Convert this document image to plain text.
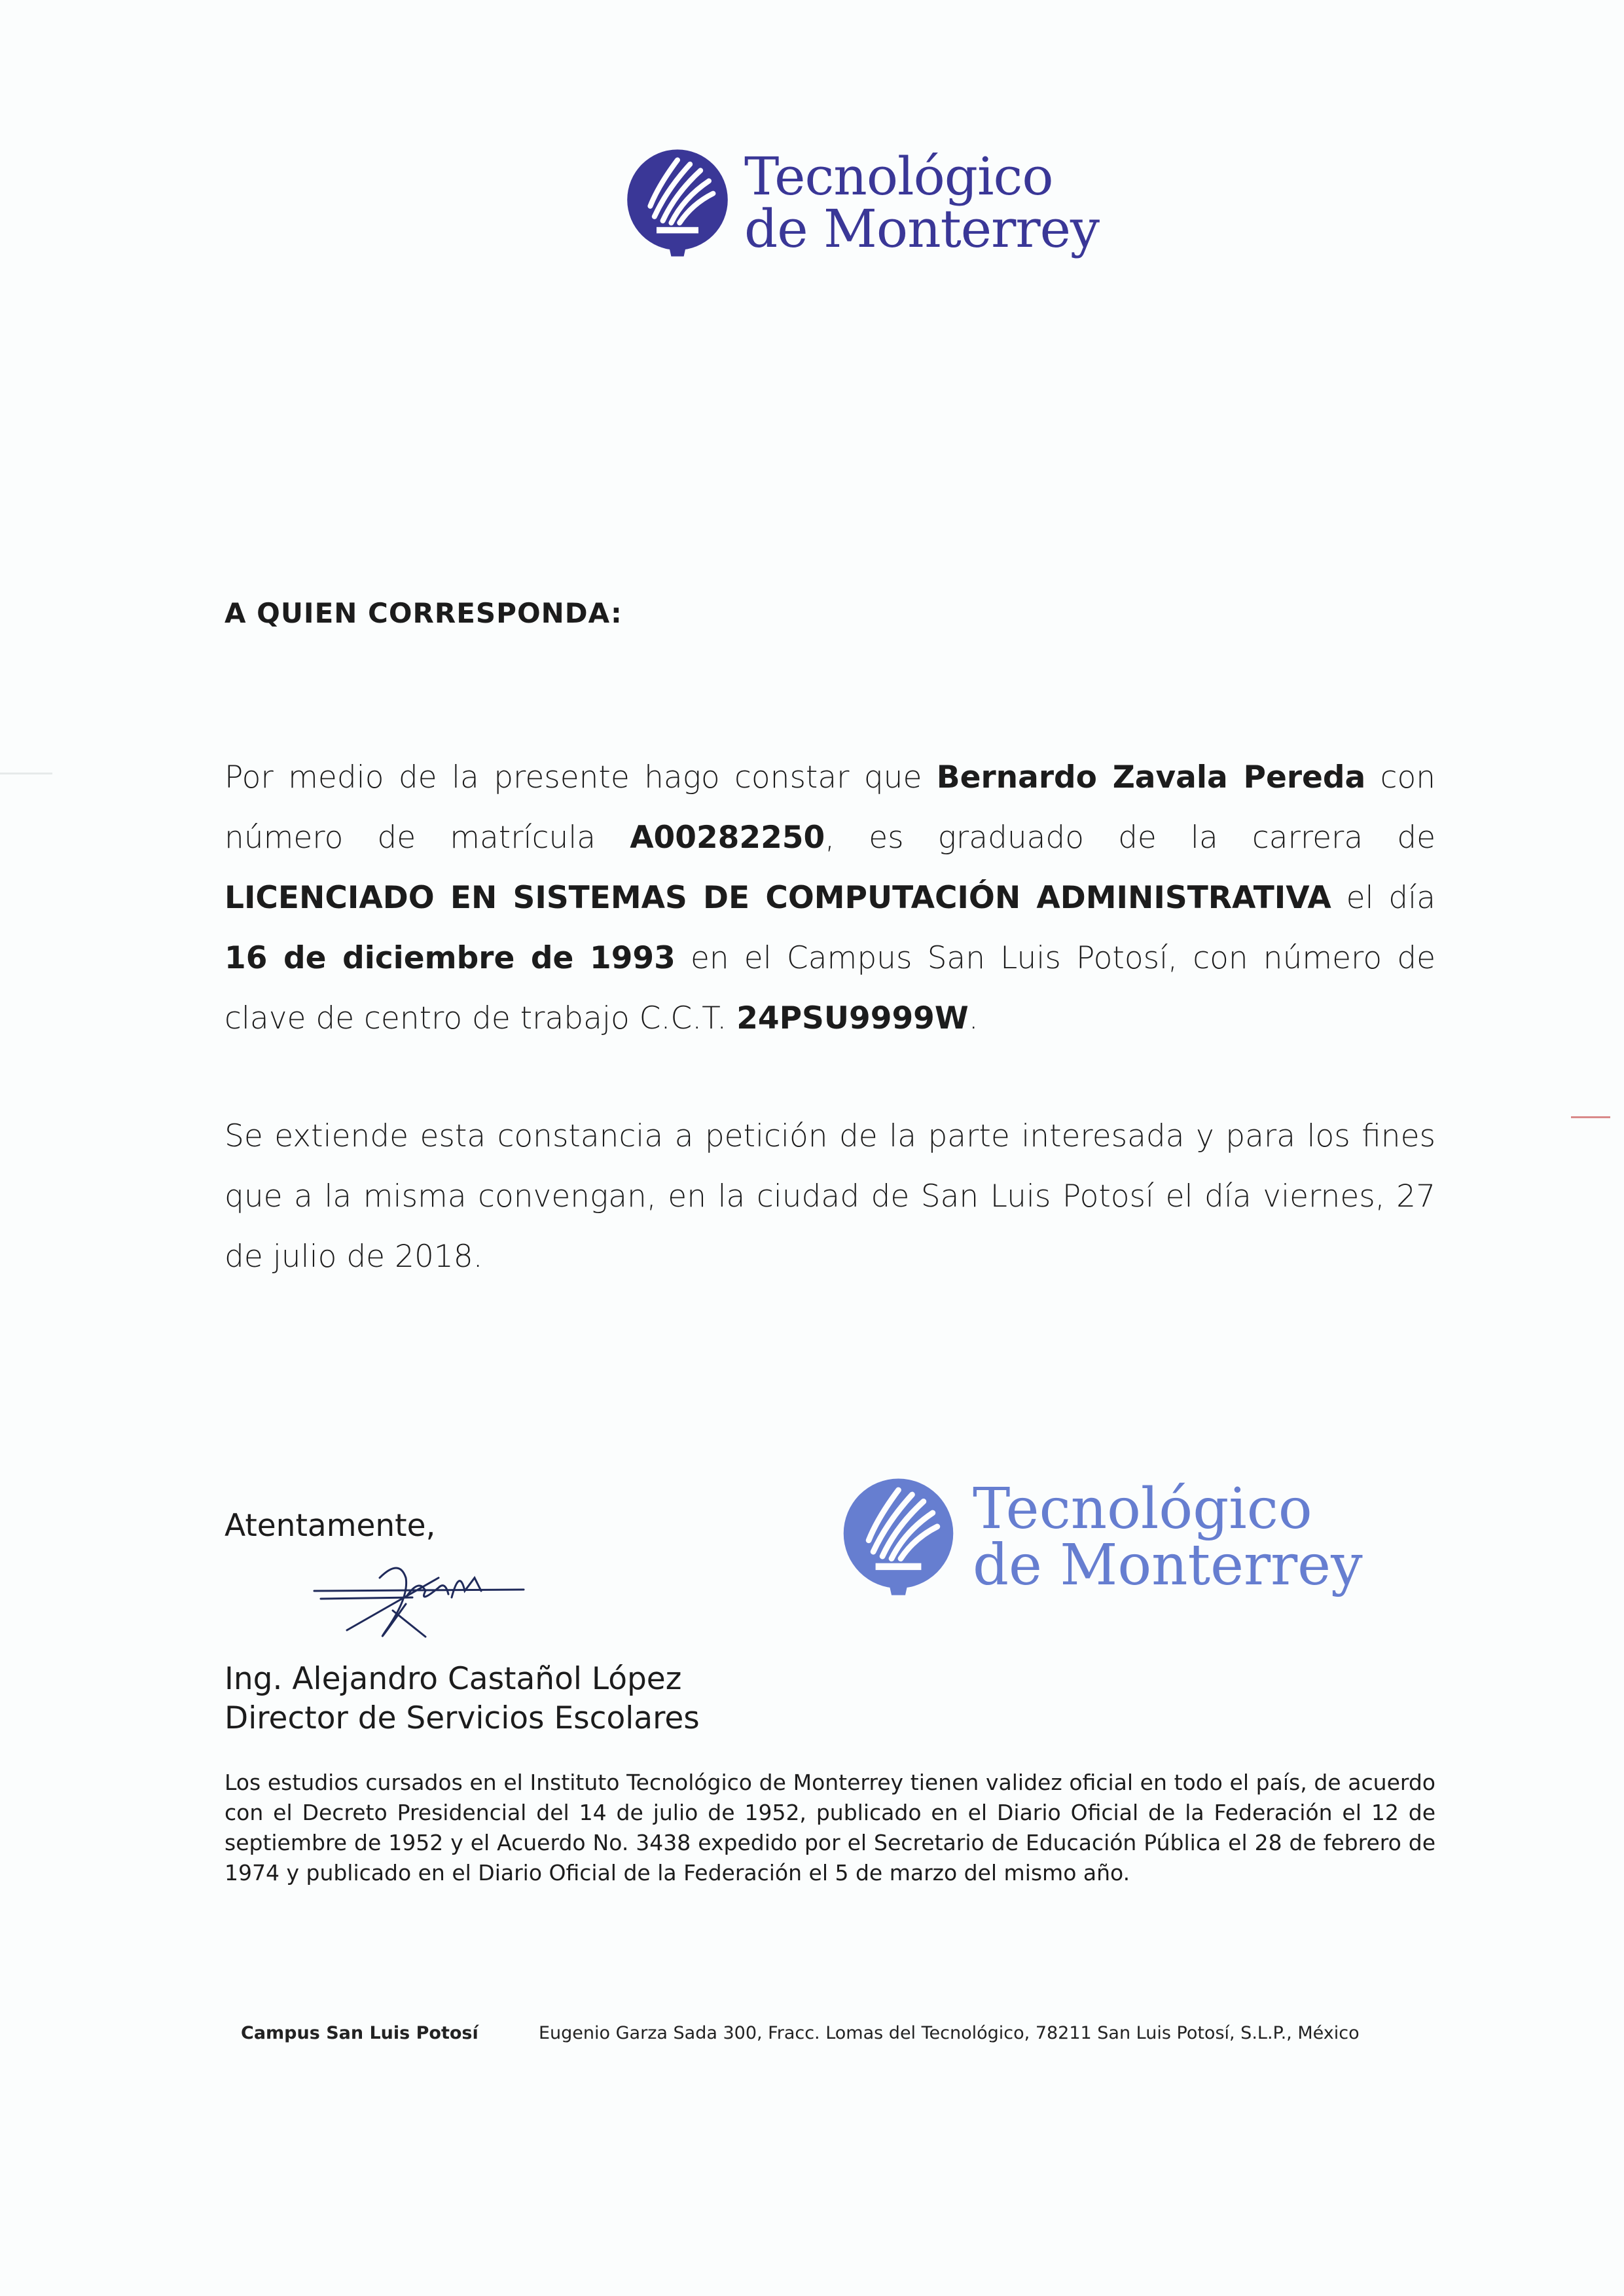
Tecnológico
de Monterrey
A QUIEN CORRESPONDA:
Por medio de la presente hago constar que Bernardo Zavala Pereda con número de matrícula A00282250, es graduado de la carrera de LICENCIADO EN SISTEMAS DE COMPUTACIÓN ADMINISTRATIVA el día 16 de diciembre de 1993 en el Campus San Luis Potosí, con número de clave de centro de trabajo C.C.T. 24PSU9999W.
Se extiende esta constancia a petición de la parte interesada y para los fines que a la misma convengan, en la ciudad de San Luis Potosí el día viernes, 27 de julio de 2018.
Atentamente,
Ing. Alejandro Castañol López
Director de Servicios Escolares
Tecnológico
de Monterrey
Los estudios cursados en el Instituto Tecnológico de Monterrey tienen validez oficial en todo el país, de acuerdo con el Decreto Presidencial del 14 de julio de 1952, publicado en el Diario Oficial de la Federación el 12 de septiembre de 1952 y el Acuerdo No. 3438 expedido por el Secretario de Educación Pública el 28 de febrero de 1974 y publicado en el Diario Oficial de la Federación el 5 de marzo del mismo año.
Campus San Luis Potosí	Eugenio Garza Sada 300, Fracc. Lomas del Tecnológico, 78211 San Luis Potosí, S.L.P., México
